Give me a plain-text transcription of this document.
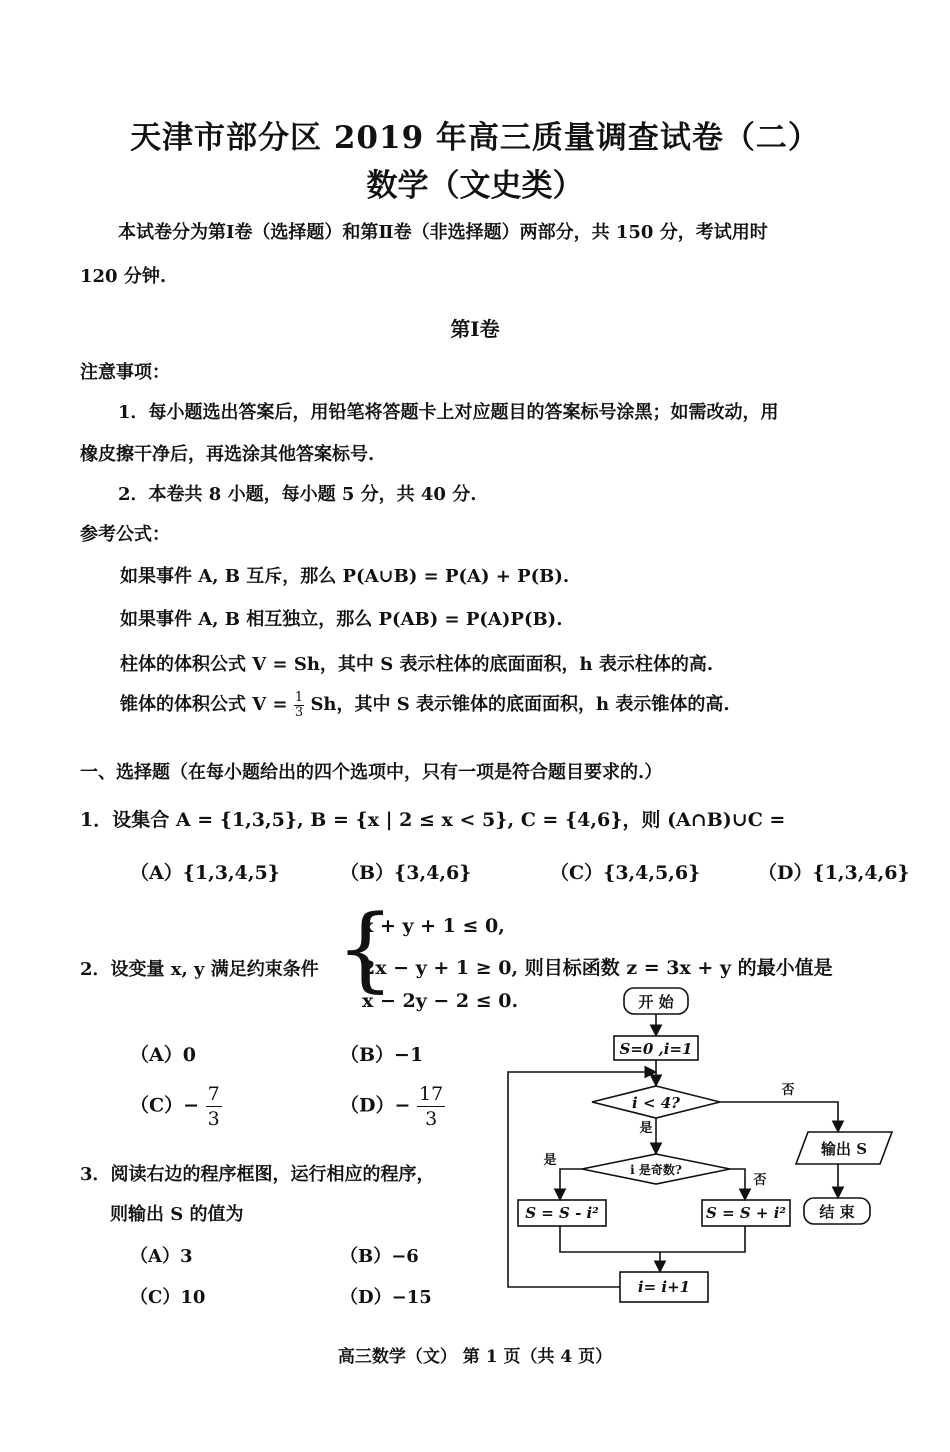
天津市部分区 2019 年高三质量调查试卷（二）
数学（文史类）
本试卷分为第Ⅰ卷（选择题）和第Ⅱ卷（非选择题）两部分，共 150 分，考试用时
120 分钟.
第Ⅰ卷
注意事项：
1．每小题选出答案后，用铅笔将答题卡上对应题目的答案标号涂黑；如需改动，用
橡皮擦干净后，再选涂其他答案标号.
2．本卷共 8 小题，每小题 5 分，共 40 分.
参考公式：
如果事件 A, B 互斥，那么 P(A∪B) = P(A) + P(B).
如果事件 A, B 相互独立，那么 P(AB) = P(A)P(B).
柱体的体积公式 V = Sh，其中 S 表示柱体的底面面积，h 表示柱体的高.
锥体的体积公式 $V = \frac{1}{3}$ Sh，其中 S 表示锥体的底面面积，h 表示锥体的高.
一、选择题（在每小题给出的四个选项中，只有一项是符合题目要求的.）
1．设集合 A = {1,3,5}, B = {x | 2 ≤ x < 5}, C = {4,6}，则 (A∩B)∪C =
（A）{1,3,4,5}	（B）{3,4,6}	（C）{3,4,5,6}	（D）{1,3,4,6}
2．设变量 x, y 满足约束条件 {
x + y + 1 ≤ 0,
2x − y + 1 ≥ 0, 则目标函数 z = 3x + y 的最小值是
x − 2y − 2 ≤ 0.
（A）0	（B）−1
$(C)- \frac{7}{3}$	$(D)- \frac{17}{3}$
3．阅读右边的程序框图，运行相应的程序，
则输出 S 的值为
（A）3	（B）−6
（C）10	（D）−15
开 始
S=0 ,i=1
i < 4?
否
是
i 是奇数?
是
否
S = S - i²	S = S + i²
输出 S
结 束
i= i+1
高三数学（文） 第 1 页（共 4 页）
